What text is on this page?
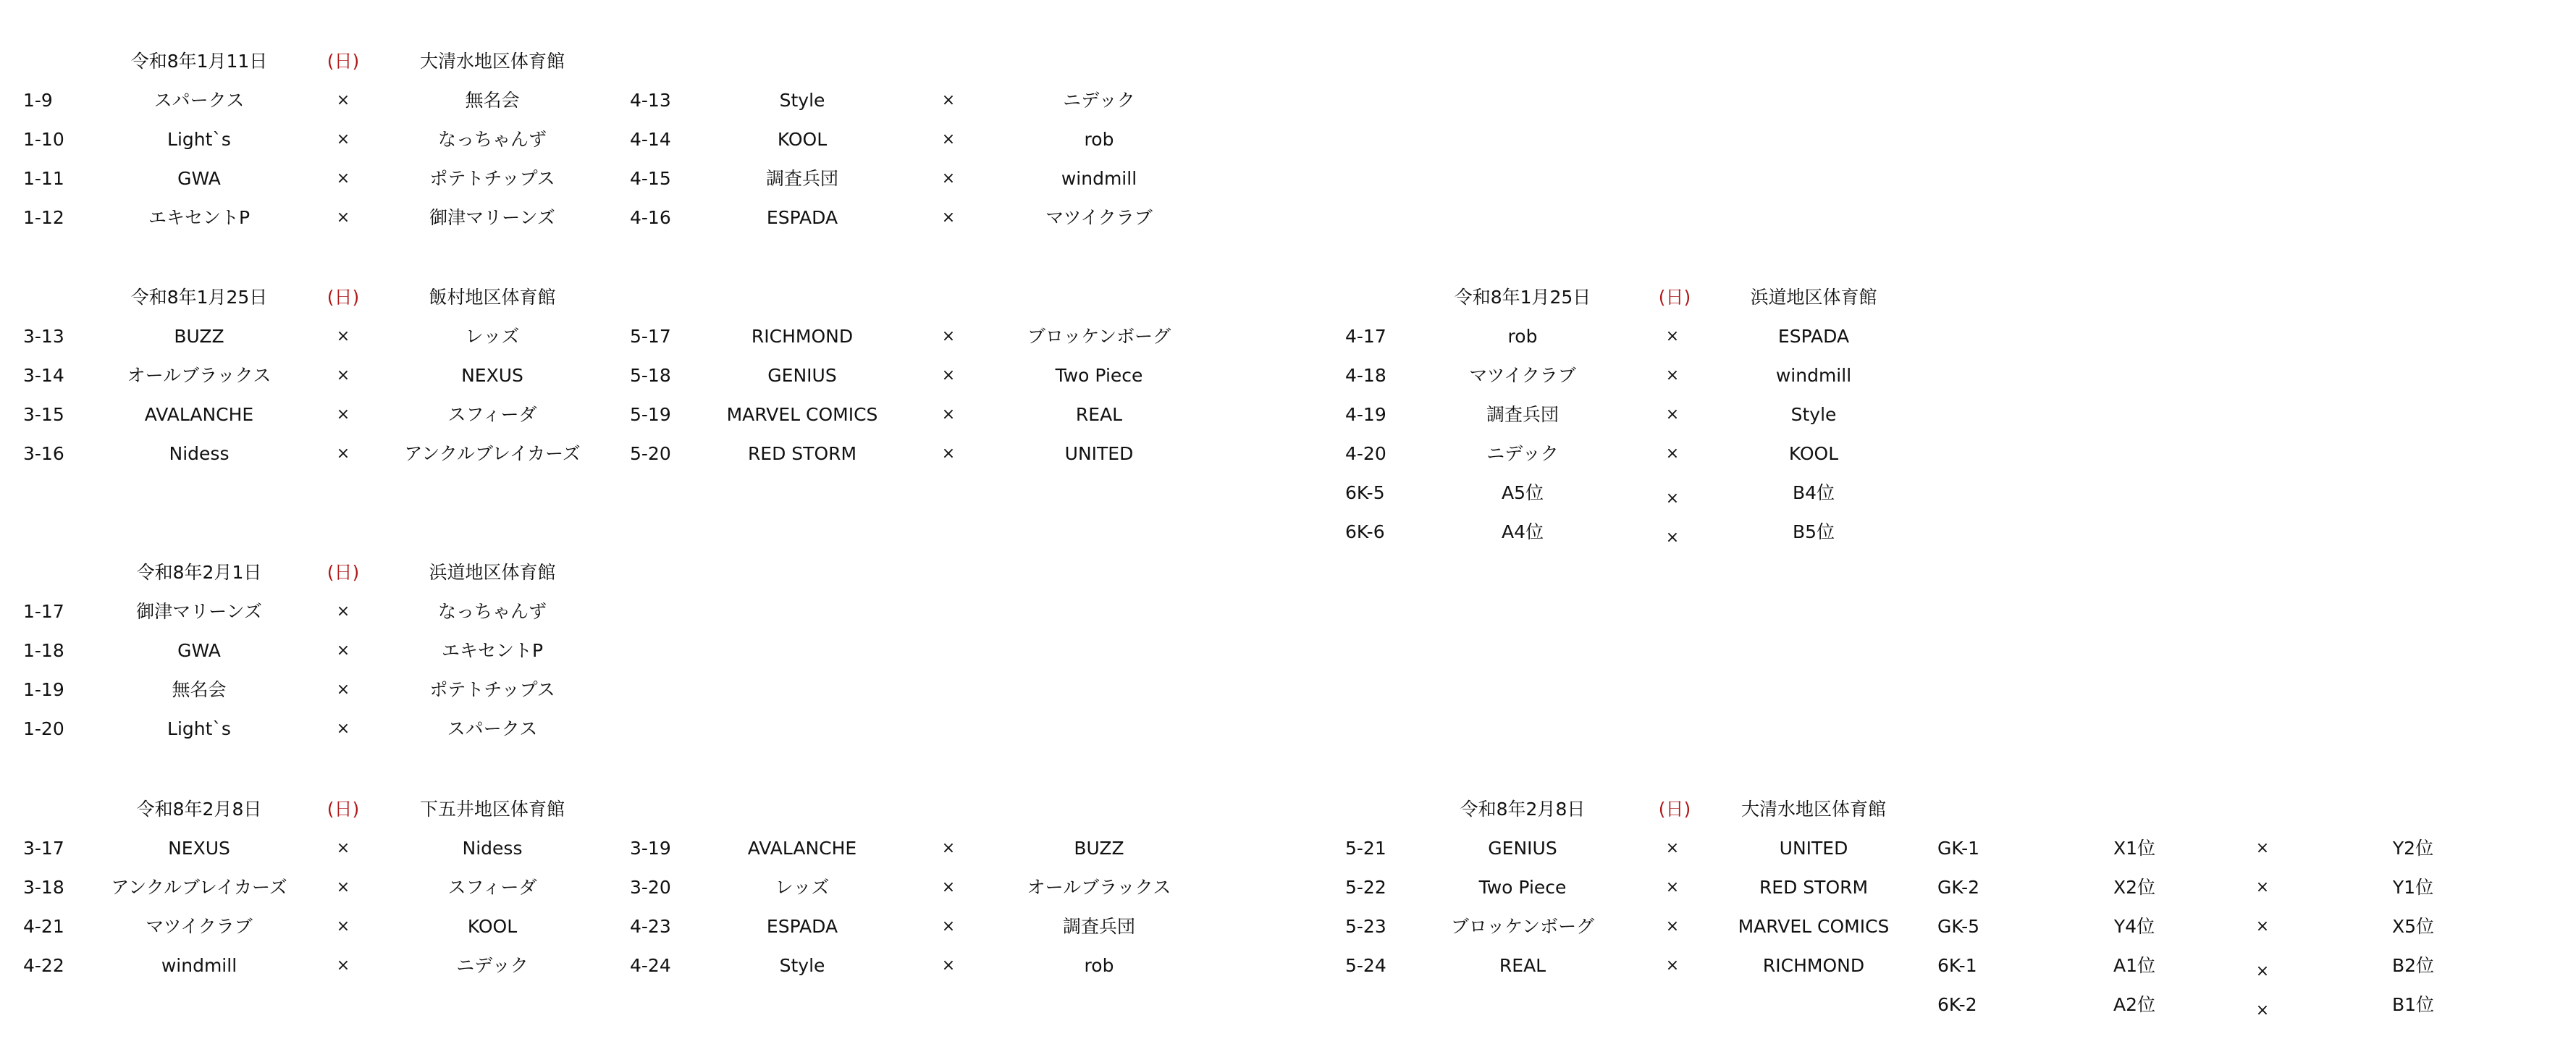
令和8年1月11日	(日)	大清水地区体育館
1-9	スパークス	×	無名会
1-10	Light`s	×	なっちゃんず
1-11	GWA	×	ポテトチップス
1-12	エキセントP	×	御津マリーンズ
4-13	Style	×	ニデック
4-14	KOOL	×	rob
4-15	調査兵団	×	windmill
4-16	ESPADA	×	マツイクラブ
令和8年1月25日	(日)	飯村地区体育館
3-13	BUZZ	×	レッズ
3-14	オールブラックス	×	NEXUS
3-15	AVALANCHE	×	スフィーダ
3-16	Nidess	×	アンクルブレイカーズ
5-17	RICHMOND	×	ブロッケンボーグ
5-18	GENIUS	×	Two Piece
5-19	MARVEL COMICS	×	REAL
5-20	RED STORM	×	UNITED
令和8年1月25日	(日)	浜道地区体育館
4-17	rob	×	ESPADA
4-18	マツイクラブ	×	windmill
4-19	調査兵団	×	Style
4-20	ニデック	×	KOOL
6K-5	A5位	×	B4位
6K-6	A4位	×	B5位
令和8年2月1日	(日)	浜道地区体育館
1-17	御津マリーンズ	×	なっちゃんず
1-18	GWA	×	エキセントP
1-19	無名会	×	ポテトチップス
1-20	Light`s	×	スパークス
令和8年2月8日	(日)	下五井地区体育館
3-17	NEXUS	×	Nidess
3-18	アンクルブレイカーズ	×	スフィーダ
4-21	マツイクラブ	×	KOOL
4-22	windmill	×	ニデック
3-19	AVALANCHE	×	BUZZ
3-20	レッズ	×	オールブラックス
4-23	ESPADA	×	調査兵団
4-24	Style	×	rob
令和8年2月8日	(日)	大清水地区体育館
5-21	GENIUS	×	UNITED
5-22	Two Piece	×	RED STORM
5-23	ブロッケンボーグ	×	MARVEL COMICS
5-24	REAL	×	RICHMOND
GK-1	X1位	×	Y2位
GK-2	X2位	×	Y1位
GK-5	Y4位	×	X5位
6K-1	A1位	×	B2位
6K-2	A2位	×	B1位
